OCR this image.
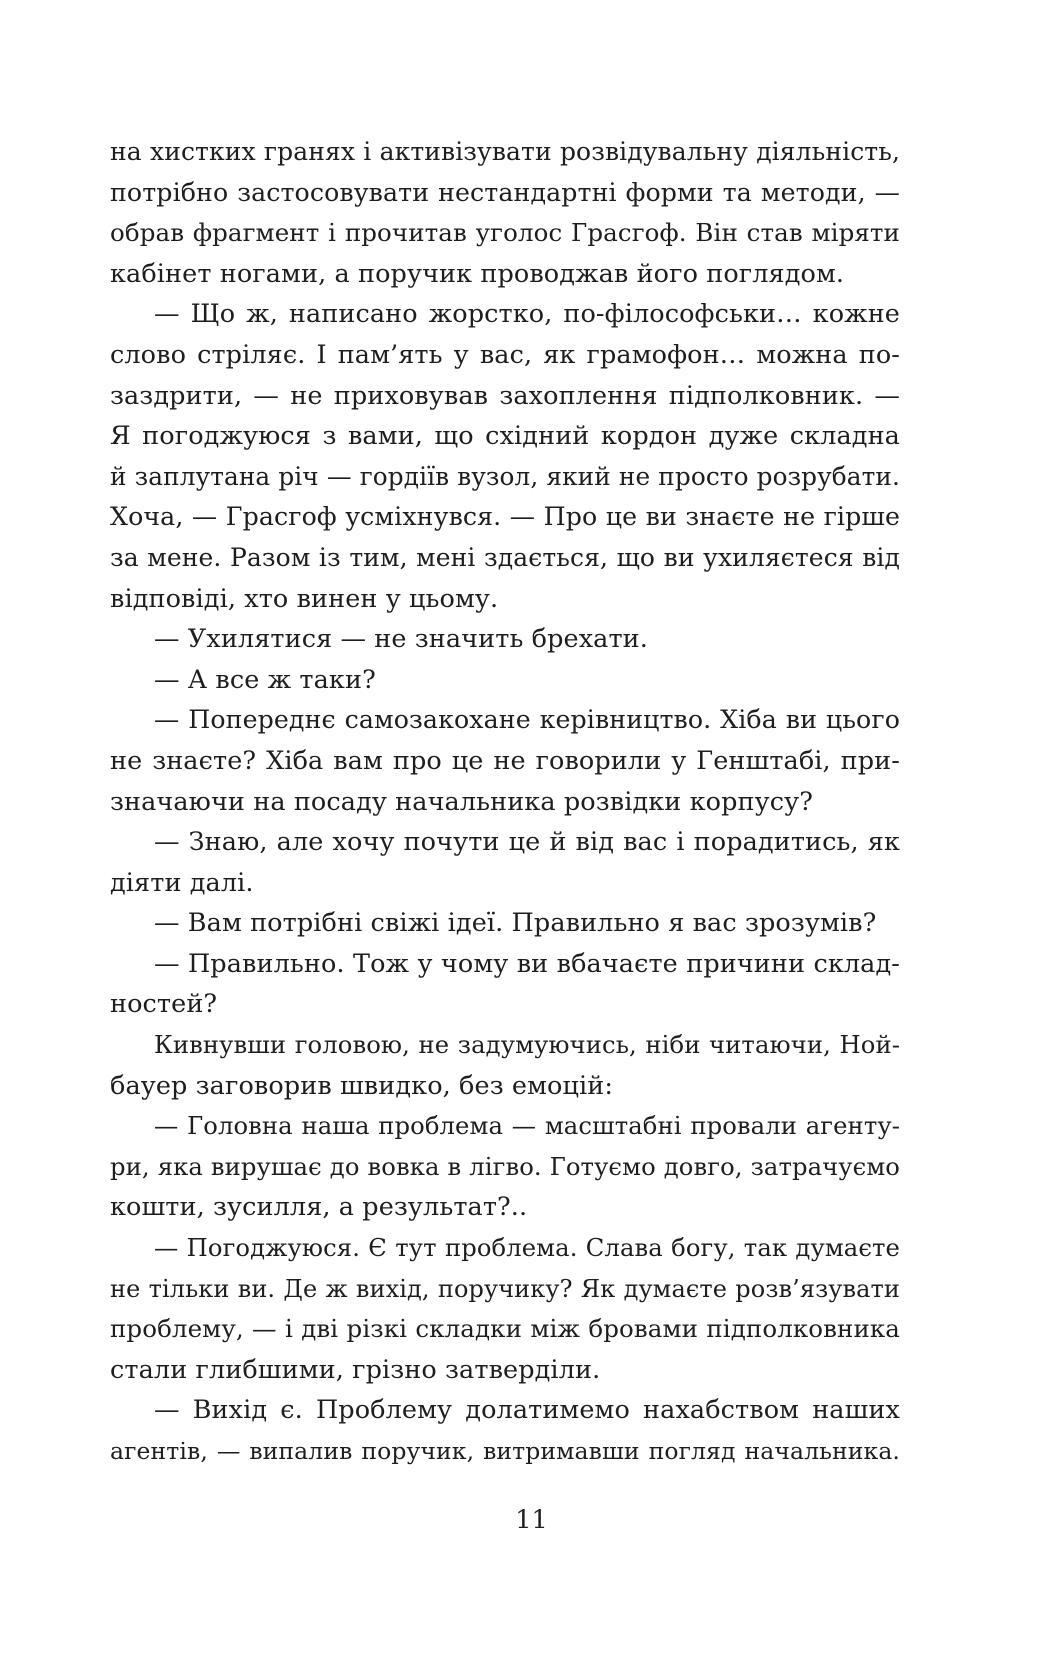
на хистких гранях і активізувати розвідувальну діяльність,
потрібно застосовувати нестандартні форми та методи, —
обрав фрагмент і прочитав уголос Грасгоф. Він став міряти
кабінет ногами, а поручик проводжав його поглядом.
— Що ж, написано жорстко, по-філософськи… кожне
слово стріляє. І пам’ять у вас, як грамофон… можна по-
заздрити, — не приховував захоплення підполковник. —
Я погоджуюся з вами, що східний кордон дуже складна
й заплутана річ — гордіїв вузол, який не просто розрубати.
Хоча, — Грасгоф усміхнувся. — Про це ви знаєте не гірше
за мене. Разом із тим, мені здається, що ви ухиляєтеся від
відповіді, хто винен у цьому.
— Ухилятися — не значить брехати.
— А все ж таки?
— Попереднє самозакохане керівництво. Хіба ви цього
не знаєте? Хіба вам про це не говорили у Генштабі, при-
значаючи на посаду начальника розвідки корпусу?
— Знаю, але хочу почути це й від вас і порадитись, як
діяти далі.
— Вам потрібні свіжі ідеї. Правильно я вас зрозумів?
— Правильно. Тож у чому ви вбачаєте причини склад-
ностей?
Кивнувши головою, не задумуючись, ніби читаючи, Ной-
бауер заговорив швидко, без емоцій:
— Головна наша проблема — масштабні провали агенту-
ри, яка вирушає до вовка в лігво. Готуємо довго, затрачуємо
кошти, зусилля, а результат?..
— Погоджуюся. Є тут проблема. Слава богу, так думаєте
не тільки ви. Де ж вихід, поручику? Як думаєте розв’язувати
проблему, — і дві різкі складки між бровами підполковника
стали глибшими, грізно затверділи.
— Вихід є. Проблему долатимемо нахабством наших
агентів, — випалив поручик, витримавши погляд начальника.
11
